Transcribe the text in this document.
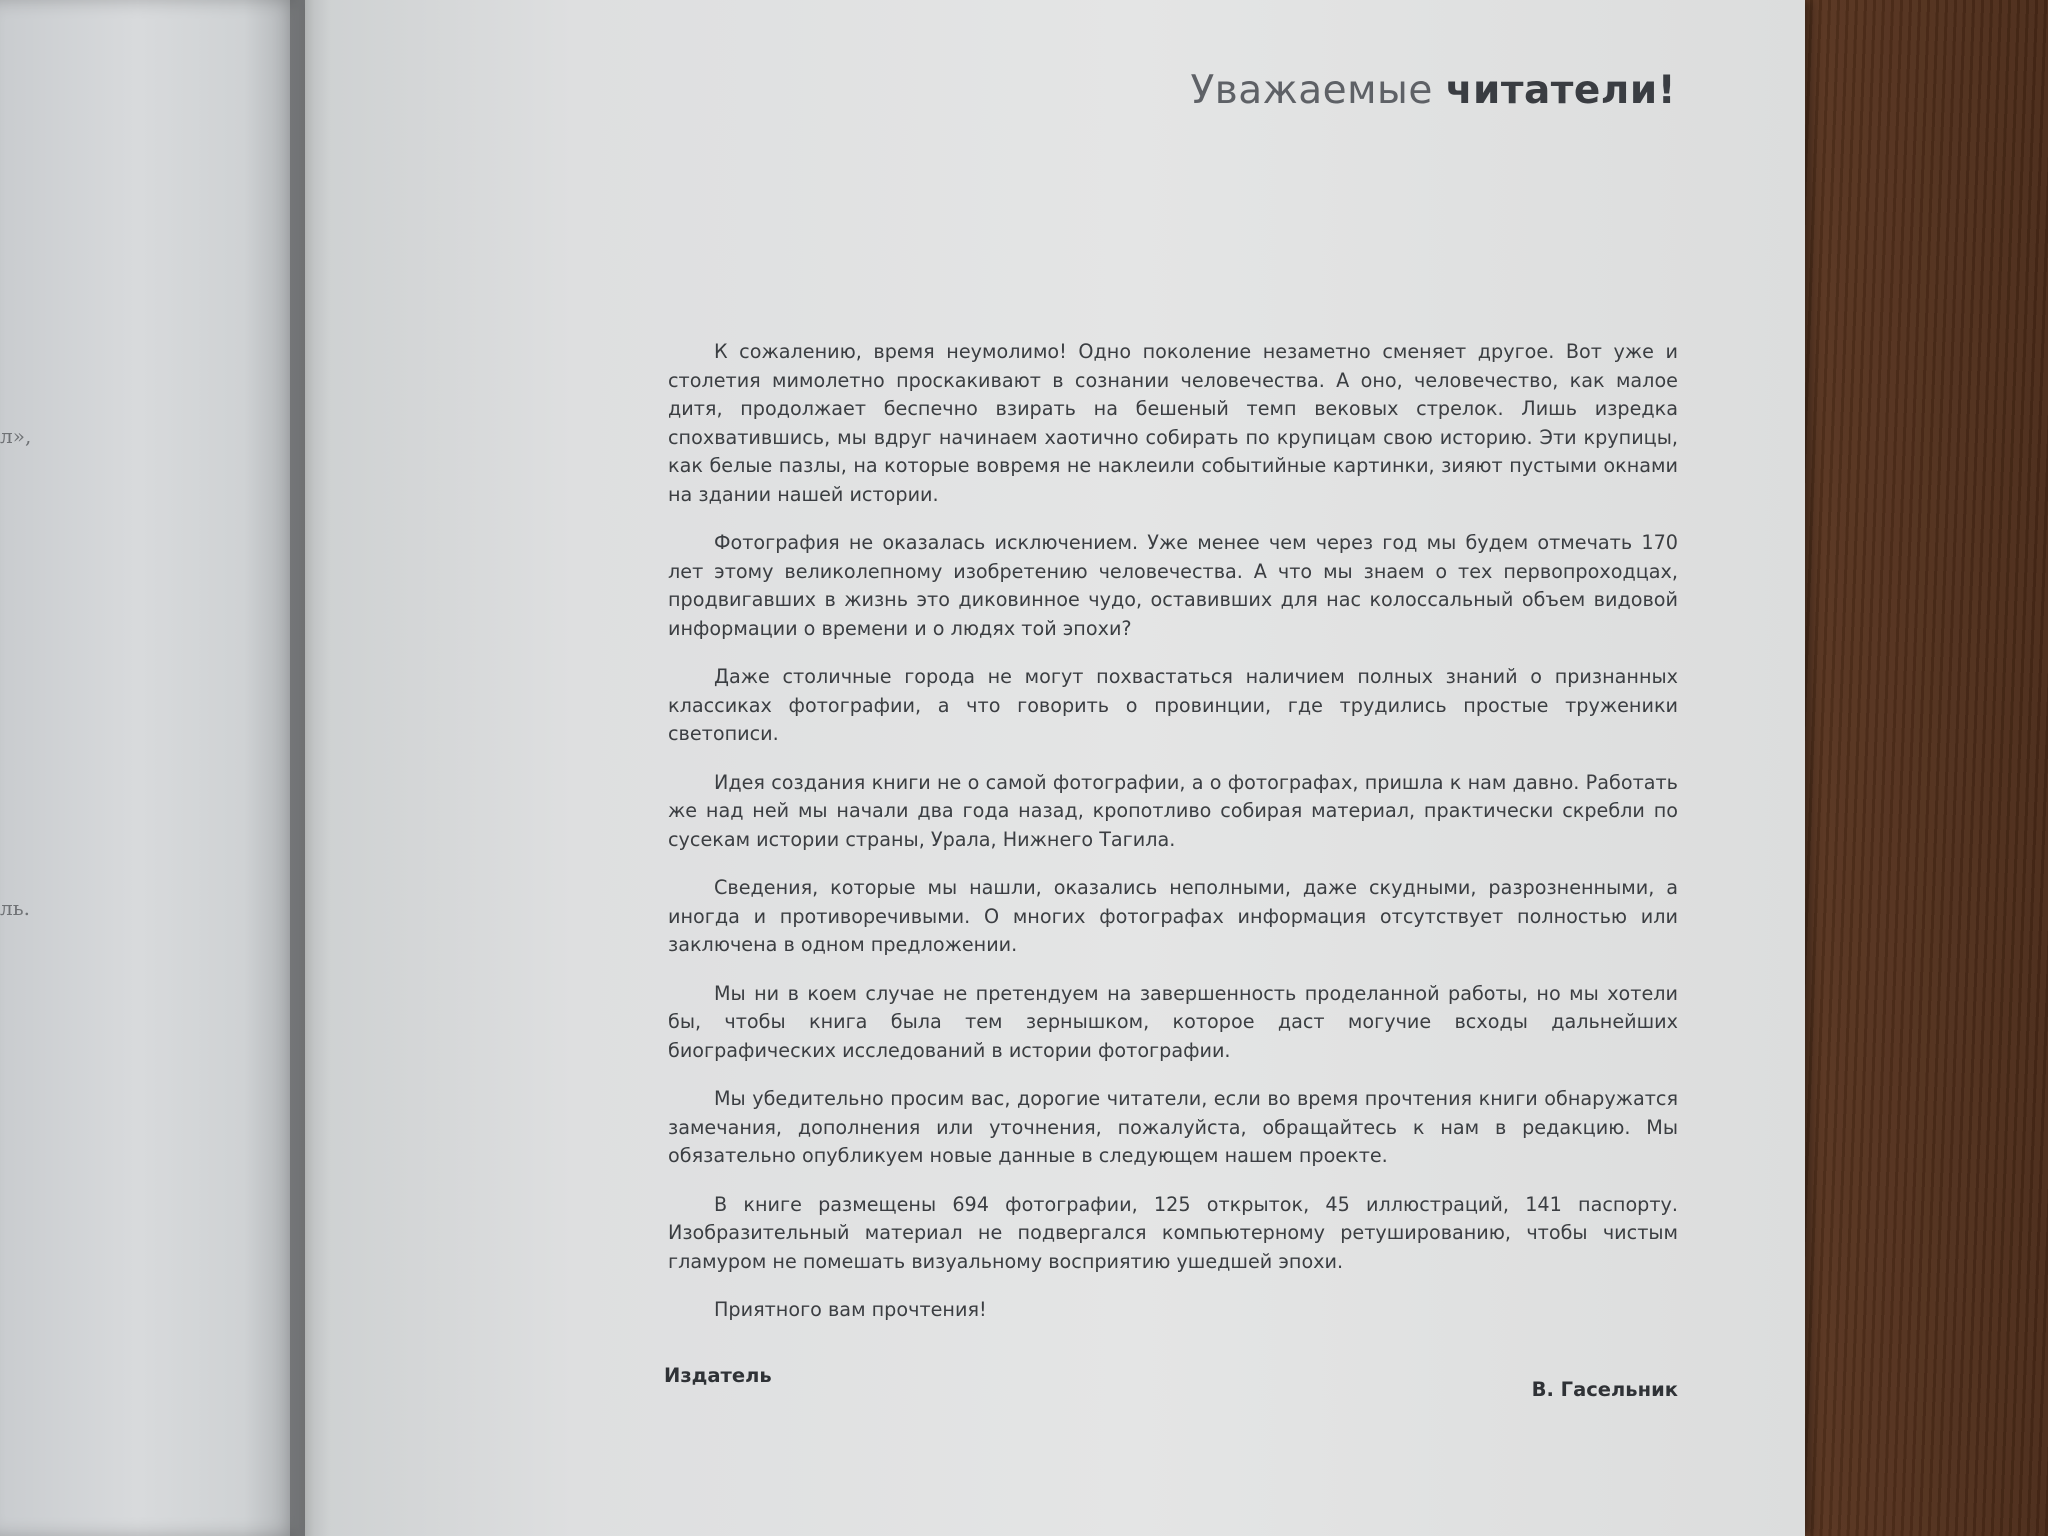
л»,
ль.
Уважаемые читатели!

К сожалению, время неумолимо! Одно поколение незаметно сменяет другое. Вот уже и столетия мимолетно проскакивают в сознании человечества. А оно, человечество, как малое дитя, продолжает беспечно взирать на бешеный темп вековых стрелок. Лишь изредка спохватившись, мы вдруг начинаем хаотично собирать по крупицам свою историю. Эти крупицы, как белые пазлы, на которые вовремя не наклеили событийные картинки, зияют пустыми окнами на здании нашей истории.

Фотография не оказалась исключением. Уже менее чем через год мы будем отмечать 170 лет этому великолепному изобретению человечества. А что мы знаем о тех первопроходцах, продвигавших в жизнь это диковинное чудо, оставивших для нас колоссальный объем видовой информации о времени и о людях той эпохи?

Даже столичные города не могут похвастаться наличием полных знаний о признанных классиках фотографии, а что говорить о провинции, где трудились простые труженики светописи.

Идея создания книги не о самой фотографии, а о фотографах, пришла к нам давно. Работать же над ней мы начали два года назад, кропотливо собирая материал, практически скребли по сусекам истории страны, Урала, Нижнего Тагила.

Сведения, которые мы нашли, оказались неполными, даже скудными, разрозненными, а иногда и противоречивыми. О многих фотографах информация отсутствует полностью или заключена в одном предложении.

Мы ни в коем случае не претендуем на завершенность проделанной работы, но мы хотели бы, чтобы книга была тем зернышком, которое даст могучие всходы дальнейших биографических исследований в истории фотографии.

Мы убедительно просим вас, дорогие читатели, если во время прочтения книги обнаружатся замечания, дополнения или уточнения, пожалуйста, обращайтесь к нам в редакцию. Мы обязательно опубликуем новые данные в следующем нашем проекте.

В книге размещены 694 фотографии, 125 открыток, 45 иллюстраций, 141 паспорту. Изобразительный материал не подвергался компьютерному ретушированию, чтобы чистым гламуром не помешать визуальному восприятию ушедшей эпохи.

Приятного вам прочтения!

Издатель

В. Гасельник
